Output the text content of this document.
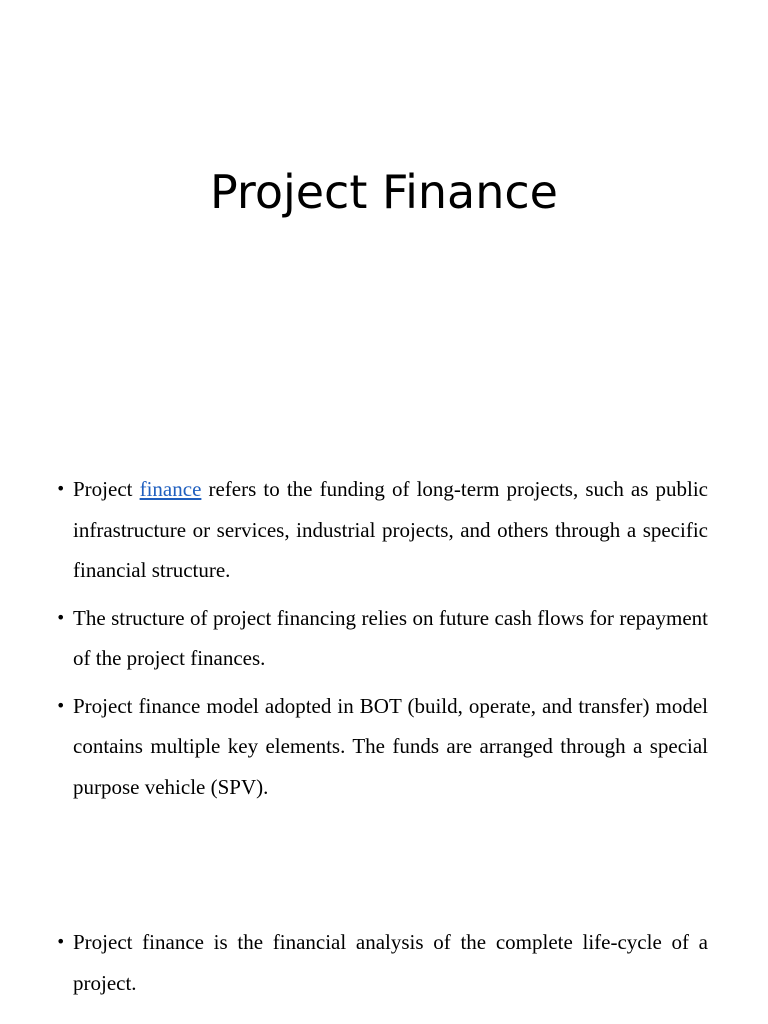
Project Finance
• Project finance refers to the funding of long-term projects, such as public infrastructure or services, industrial projects, and others through a specific financial structure.
• The structure of project financing relies on future cash flows for repayment of the project finances.
• Project finance model adopted in BOT (build, operate, and transfer) model contains multiple key elements. The funds are arranged through a special purpose vehicle (SPV).
• Project finance is the financial analysis of the complete life-cycle of a project.
